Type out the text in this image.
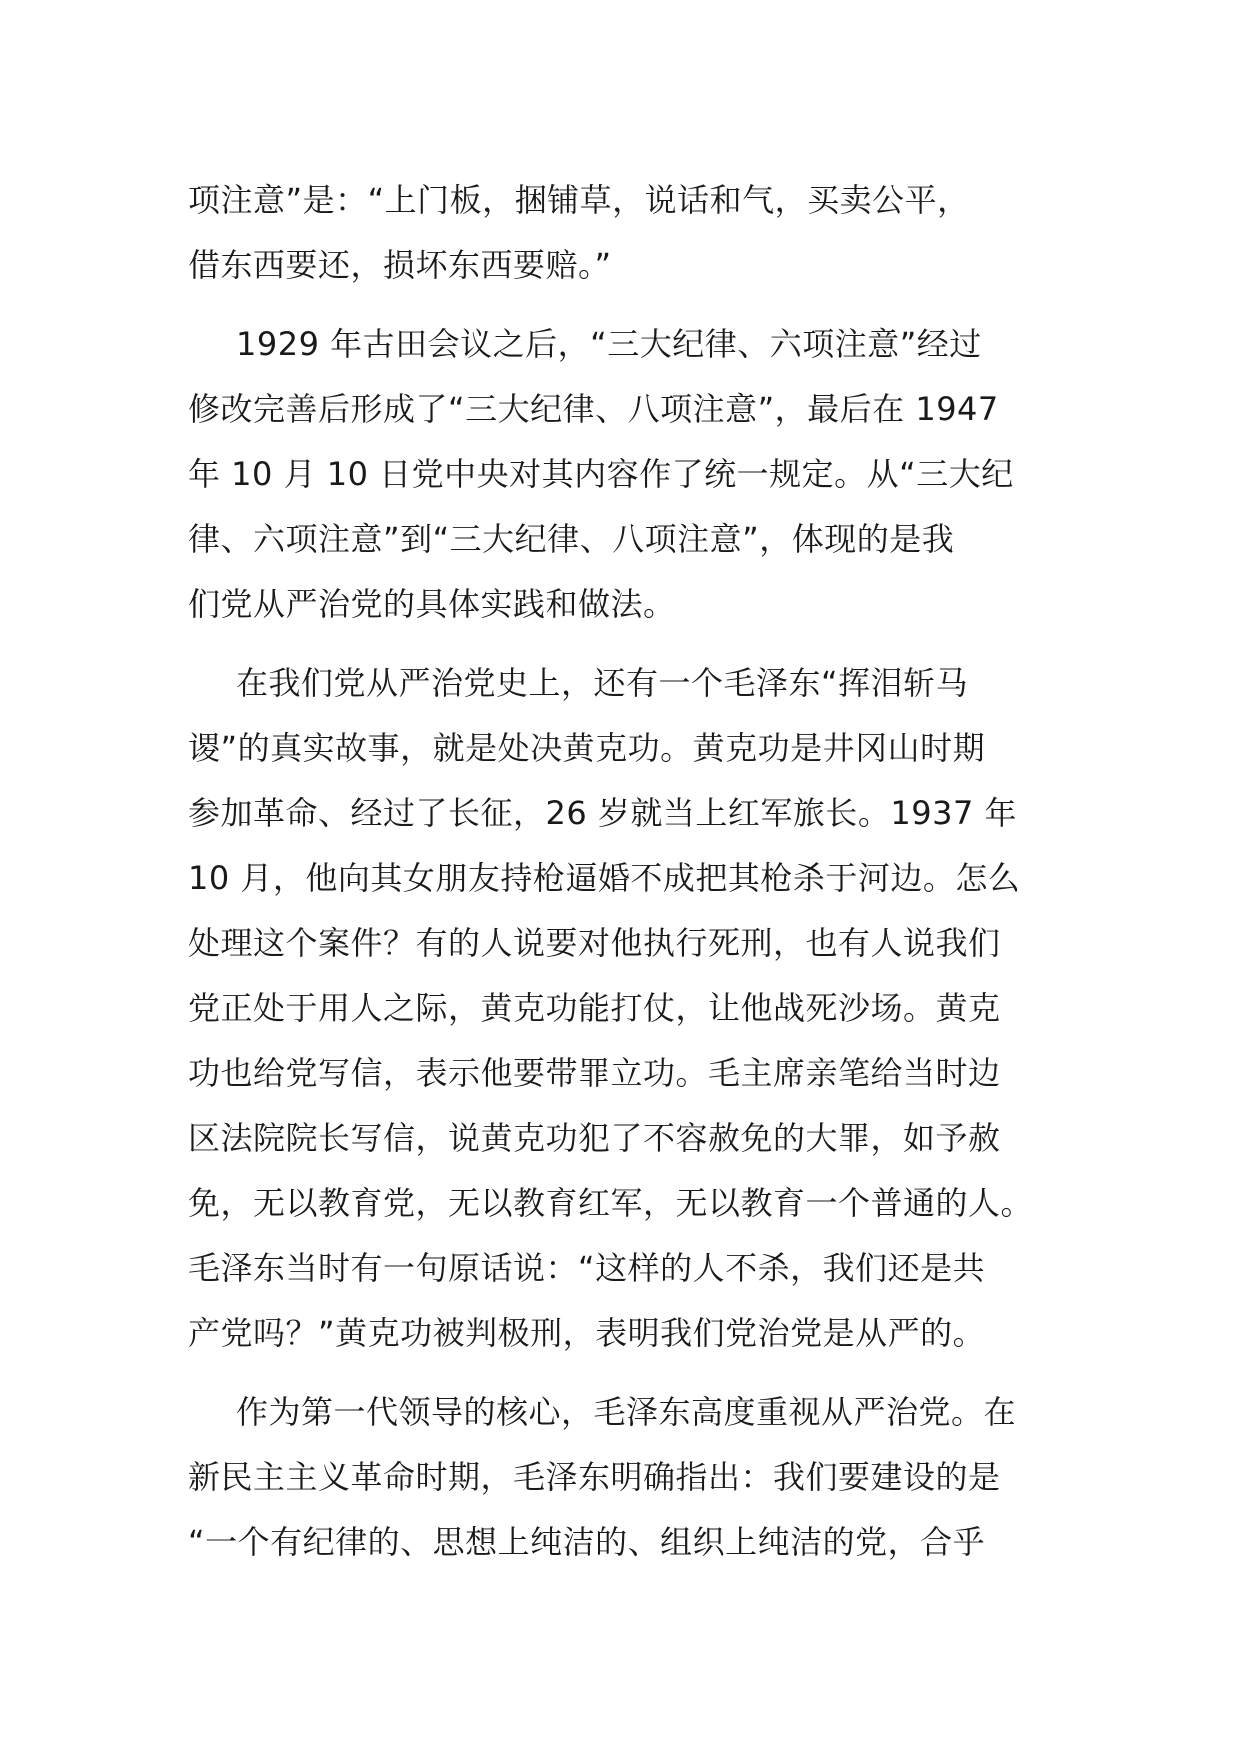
项注意”是：“上门板，捆铺草，说话和气，买卖公平，
借东西要还，损坏东西要赔。”
1929 年古田会议之后，“三大纪律、六项注意”经过
修改完善后形成了“三大纪律、八项注意”，最后在 1947
年 10 月 10 日党中央对其内容作了统一规定。从“三大纪
律、六项注意”到“三大纪律、八项注意”，体现的是我
们党从严治党的具体实践和做法。
在我们党从严治党史上，还有一个毛泽东“挥泪斩马
谡”的真实故事，就是处决黄克功。黄克功是井冈山时期
参加革命、经过了长征，26 岁就当上红军旅长。1937 年
10 月，他向其女朋友持枪逼婚不成把其枪杀于河边。怎么
处理这个案件？有的人说要对他执行死刑，也有人说我们
党正处于用人之际，黄克功能打仗，让他战死沙场。黄克
功也给党写信，表示他要带罪立功。毛主席亲笔给当时边
区法院院长写信，说黄克功犯了不容赦免的大罪，如予赦
免，无以教育党，无以教育红军，无以教育一个普通的人。
毛泽东当时有一句原话说：“这样的人不杀，我们还是共
产党吗？”黄克功被判极刑，表明我们党治党是从严的。
作为第一代领导的核心，毛泽东高度重视从严治党。在
新民主主义革命时期，毛泽东明确指出：我们要建设的是
“一个有纪律的、思想上纯洁的、组织上纯洁的党，合乎
